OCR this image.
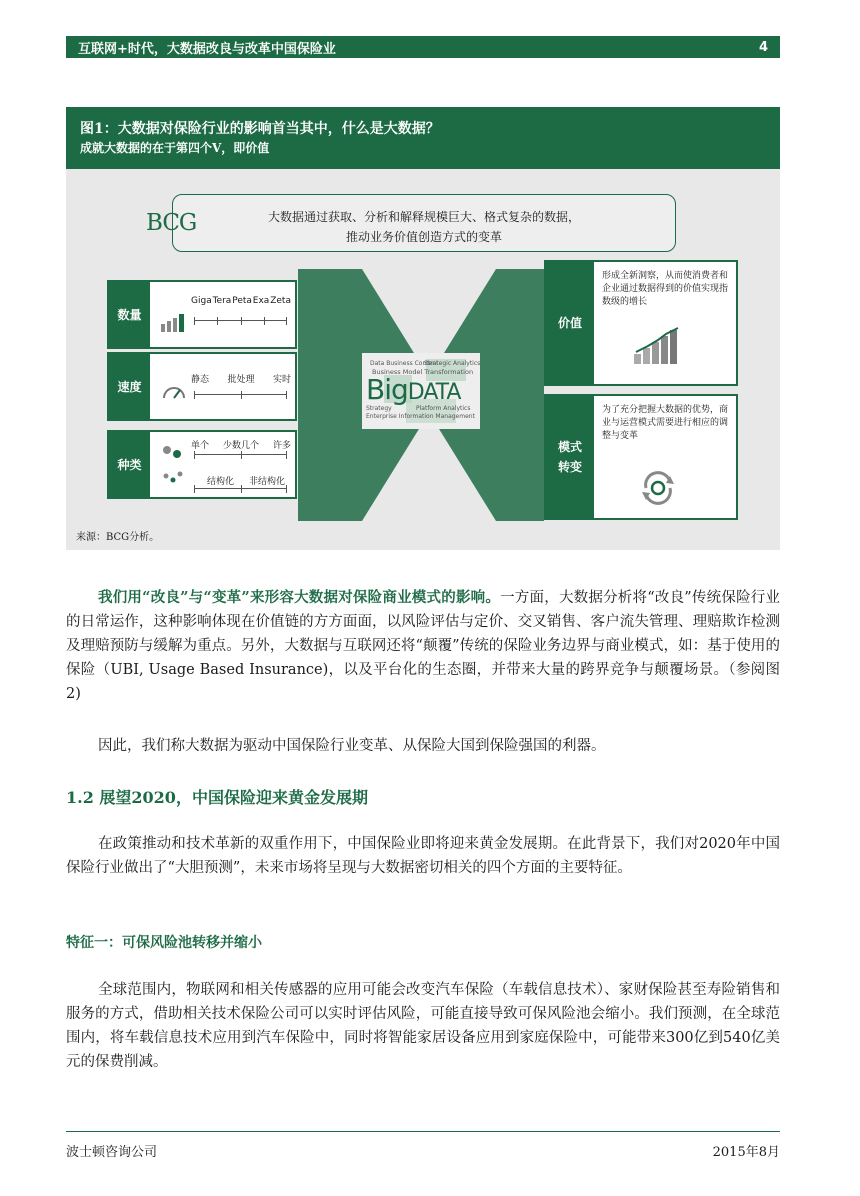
互联网+时代，大数据改良与改革中国保险业	4
图1：大数据对保险行业的影响首当其中，什么是大数据？
成就大数据的在于第四个V，即价值
大数据通过获取、分析和解释规模巨大、格式复杂的数据，
推动业务价值创造方式的变革
BCG
数量
Giga Tera Peta Exa Zeta
速度	静态 批处理 实时
种类
单个 少数几个 许多
结构化 非结构化
Data Business Content
Strategic Analytics
Business Model Transformation
BigDATA
Strategy	Platform Analytics
Enterprise Information Management
价值
形成全新洞察，从而使消费者和企业通过数据得到的价值实现指数级的增长
模式
转变
为了充分把握大数据的优势，商业与运营模式需要进行相应的调整与变革
来源：BCG分析。
我们用“改良”与“变革”来形容大数据对保险商业模式的影响。一方面，大数据分析将“改良”传统保险行业的日常运作，这种影响体现在价值链的方方面面，以风险评估与定价、交叉销售、客户流失管理、理赔欺诈检测及理赔预防与缓解为重点。另外，大数据与互联网还将“颠覆”传统的保险业务边界与商业模式，如：基于使用的保险（UBI, Usage Based Insurance)，以及平台化的生态圈，并带来大量的跨界竞争与颠覆场景。（参阅图2)
因此，我们称大数据为驱动中国保险行业变革、从保险大国到保险强国的利器。
1.2 展望2020，中国保险迎来黄金发展期
在政策推动和技术革新的双重作用下，中国保险业即将迎来黄金发展期。在此背景下，我们对2020年中国保险行业做出了“大胆预测”，未来市场将呈现与大数据密切相关的四个方面的主要特征。
特征一：可保风险池转移并缩小
全球范围内，物联网和相关传感器的应用可能会改变汽车保险（车载信息技术）、家财保险甚至寿险销售和服务的方式，借助相关技术保险公司可以实时评估风险，可能直接导致可保风险池会缩小。我们预测，在全球范围内，将车载信息技术应用到汽车保险中，同时将智能家居设备应用到家庭保险中，可能带来300亿到540亿美元的保费削减。
波士顿咨询公司	2015年8月
